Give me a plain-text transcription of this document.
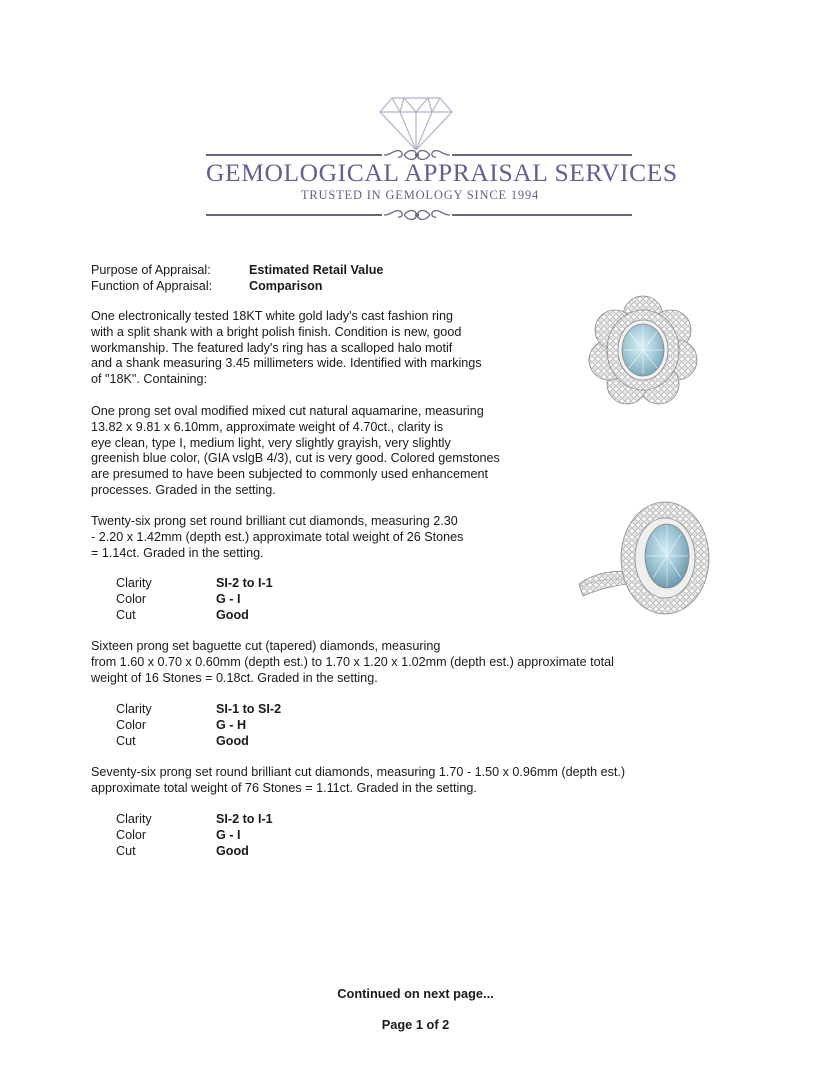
GEMOLOGICAL APPRAISAL SERVICES
TRUSTED IN GEMOLOGY SINCE 1994
Purpose of Appraisal:	Estimated Retail Value
Function of Appraisal:	Comparison
One electronically tested 18KT white gold lady's cast fashion ring
with a split shank with a bright polish finish. Condition is new, good
workmanship. The featured lady's ring has a scalloped halo motif
and a shank measuring 3.45 millimeters wide. Identified with markings
of "18K". Containing:
One prong set oval modified mixed cut natural aquamarine, measuring
13.82 x 9.81 x 6.10mm, approximate weight of 4.70ct., clarity is
eye clean, type I, medium light, very slightly grayish, very slightly
greenish blue color, (GIA vslgB 4/3), cut is very good. Colored gemstones
are presumed to have been subjected to commonly used enhancement
processes. Graded in the setting.
Twenty-six prong set round brilliant cut diamonds, measuring 2.30
- 2.20 x 1.42mm (depth est.) approximate total weight of 26 Stones
= 1.14ct. Graded in the setting.
Clarity	SI-2 to I-1
Color	G - I
Cut	Good
Sixteen prong set baguette cut (tapered) diamonds, measuring
from 1.60 x 0.70 x 0.60mm (depth est.) to 1.70 x 1.20 x 1.02mm (depth est.) approximate total
weight of 16 Stones = 0.18ct. Graded in the setting.
Clarity	SI-1 to SI-2
Color	G - H
Cut	Good
Seventy-six prong set round brilliant cut diamonds, measuring 1.70 - 1.50 x 0.96mm (depth est.)
approximate total weight of 76 Stones = 1.11ct. Graded in the setting.
Clarity	SI-2 to I-1
Color	G - I
Cut	Good
Continued on next page...
Page 1 of 2
